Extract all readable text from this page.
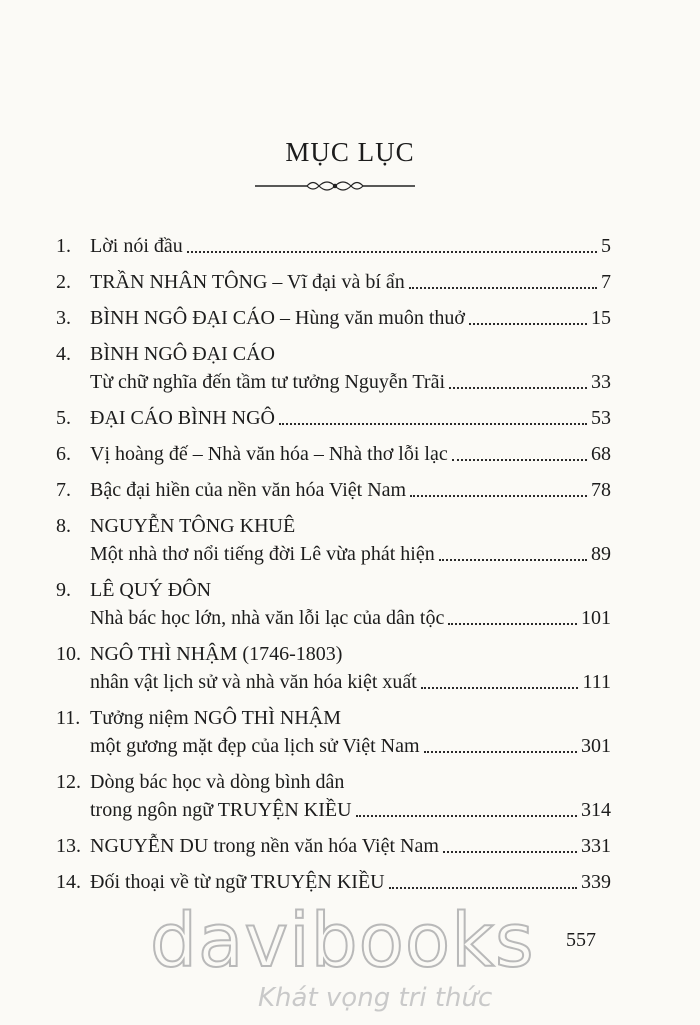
MỤC LỤC
1. Lời nói đầu	5
2. TRẦN NHÂN TÔNG – Vĩ đại và bí ẩn	7
3. BÌNH NGÔ ĐẠI CÁO – Hùng văn muôn thuở	15
4. BÌNH NGÔ ĐẠI CÁO
Từ chữ nghĩa đến tầm tư tưởng Nguyễn Trãi	33
5. ĐẠI CÁO BÌNH NGÔ	53
6. Vị hoàng đế – Nhà văn hóa – Nhà thơ lỗi lạc	68
7. Bậc đại hiền của nền văn hóa Việt Nam	78
8. NGUYỄN TÔNG KHUÊ
Một nhà thơ nổi tiếng đời Lê vừa phát hiện	89
9. LÊ QUÝ ĐÔN
Nhà bác học lớn, nhà văn lỗi lạc của dân tộc	101
10. NGÔ THÌ NHẬM (1746-1803)
nhân vật lịch sử và nhà văn hóa kiệt xuất	111
11. Tưởng niệm NGÔ THÌ NHẬM
một gương mặt đẹp của lịch sử Việt Nam	301
12. Dòng bác học và dòng bình dân
trong ngôn ngữ TRUYỆN KIỀU	314
13. NGUYỄN DU trong nền văn hóa Việt Nam	331
14. Đối thoại về từ ngữ TRUYỆN KIỀU	339
557
davibooks
Khát vọng tri thức
